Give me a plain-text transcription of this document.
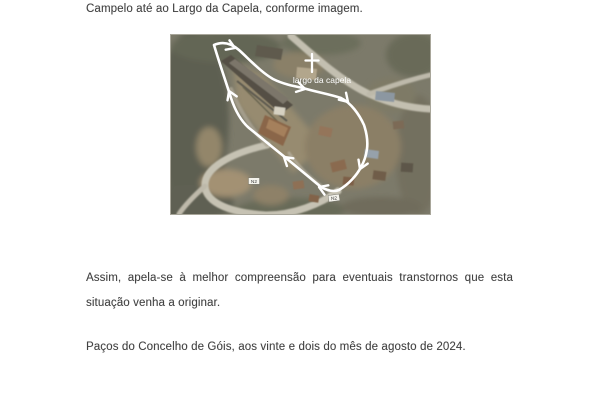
Campelo até ao Largo da Capela, conforme imagem.
largo da capela
N2
N2
Assim, apela-se à melhor compreensão para eventuais transtornos que esta
situação venha a originar.
Paços do Concelho de Góis, aos vinte e dois do mês de agosto de 2024.
